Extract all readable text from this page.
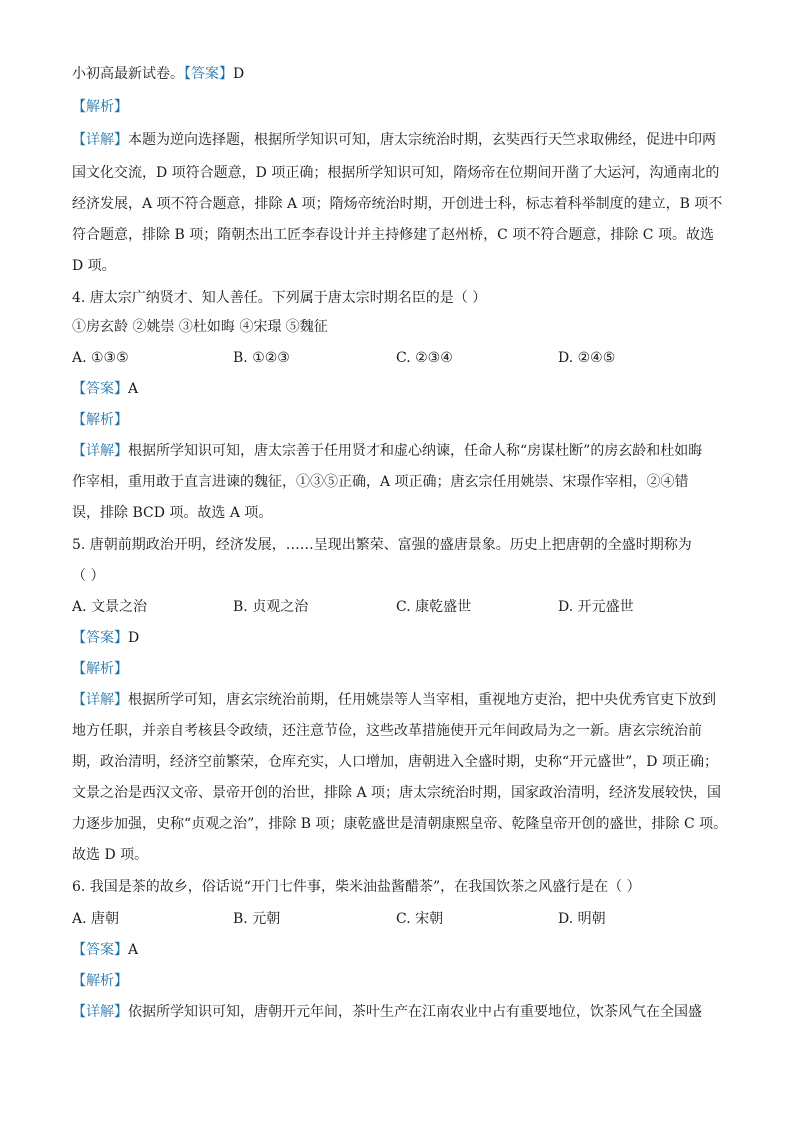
小初高最新试卷。【答案】D
【解析】
【详解】本题为逆向选择题，根据所学知识可知，唐太宗统治时期，玄奘西行天竺求取佛经，促进中印两
国文化交流，D 项符合题意，D 项正确；根据所学知识可知，隋炀帝在位期间开凿了大运河，沟通南北的
经济发展，A 项不符合题意，排除 A 项；隋炀帝统治时期，开创进士科，标志着科举制度的建立，B 项不
符合题意，排除 B 项；隋朝杰出工匠李春设计并主持修建了赵州桥，C 项不符合题意，排除 C 项。故选
D 项。
4. 唐太宗广纳贤才、知人善任。下列属于唐太宗时期名臣的是（ ）
①房玄龄 ②姚崇 ③杜如晦 ④宋璟 ⑤魏征
A. ①③⑤	B. ①②③	C. ②③④	D. ②④⑤
【答案】A
【解析】
【详解】根据所学知识可知，唐太宗善于任用贤才和虚心纳谏，任命人称“房谋杜断”的房玄龄和杜如晦
作宰相，重用敢于直言进谏的魏征，①③⑤正确，A 项正确；唐玄宗任用姚崇、宋璟作宰相，②④错
误，排除 BCD 项。故选 A 项。
5. 唐朝前期政治开明，经济发展，……呈现出繁荣、富强的盛唐景象。历史上把唐朝的全盛时期称为
（ ）
A. 文景之治	B. 贞观之治	C. 康乾盛世	D. 开元盛世
【答案】D
【解析】
【详解】根据所学可知，唐玄宗统治前期，任用姚崇等人当宰相，重视地方吏治，把中央优秀官吏下放到
地方任职，并亲自考核县令政绩，还注意节俭，这些改革措施使开元年间政局为之一新。唐玄宗统治前
期，政治清明，经济空前繁荣，仓库充实，人口增加，唐朝进入全盛时期，史称“开元盛世”，D 项正确；
文景之治是西汉文帝、景帝开创的治世，排除 A 项；唐太宗统治时期，国家政治清明，经济发展较快，国
力逐步加强，史称“贞观之治”，排除 B 项；康乾盛世是清朝康熙皇帝、乾隆皇帝开创的盛世，排除 C 项。
故选 D 项。
6. 我国是茶的故乡，俗话说“开门七件事，柴米油盐酱醋茶”，在我国饮茶之风盛行是在（ ）
A. 唐朝	B. 元朝	C. 宋朝	D. 明朝
【答案】A
【解析】
【详解】依据所学知识可知，唐朝开元年间，茶叶生产在江南农业中占有重要地位，饮茶风气在全国盛
